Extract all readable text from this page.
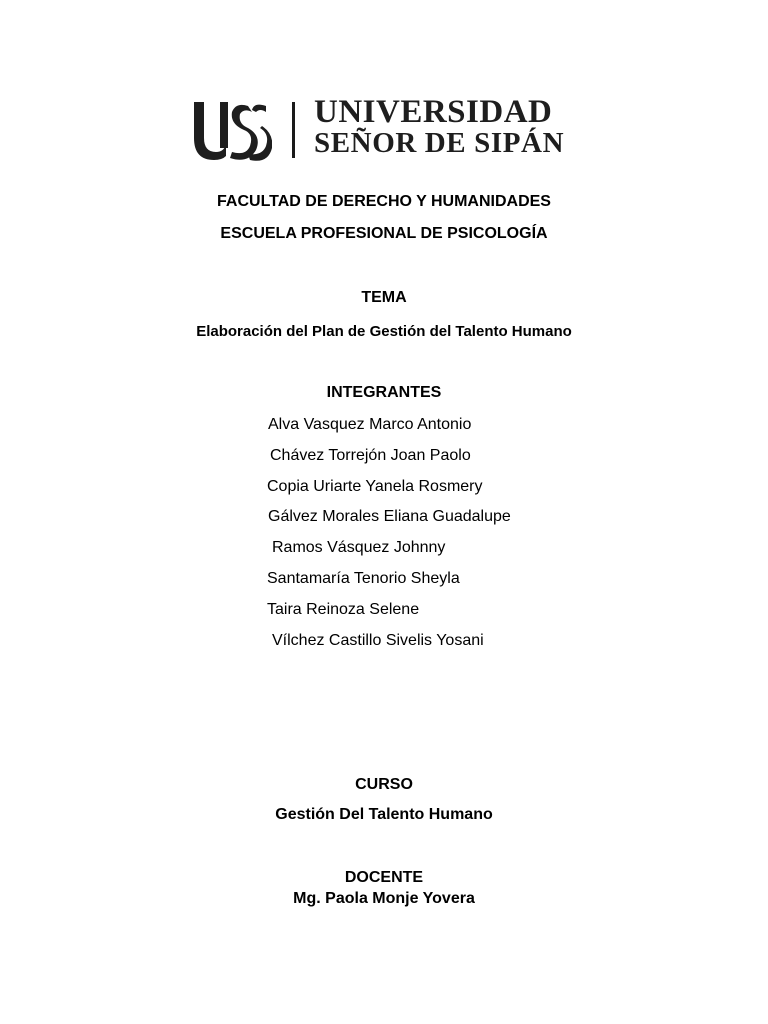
UNIVERSIDAD
SEÑOR DE SIPÁN
FACULTAD DE DERECHO Y HUMANIDADES
ESCUELA PROFESIONAL DE PSICOLOGÍA
TEMA
Elaboración del Plan de Gestión del Talento Humano
INTEGRANTES
Alva Vasquez Marco Antonio
Chávez Torrejón Joan Paolo
Copia Uriarte Yanela Rosmery
Gálvez Morales Eliana Guadalupe
Ramos Vásquez Johnny
Santamaría Tenorio Sheyla
Taira Reinoza Selene
Vílchez Castillo Sivelis Yosani
CURSO
Gestión Del Talento Humano
DOCENTE
Mg. Paola Monje Yovera
